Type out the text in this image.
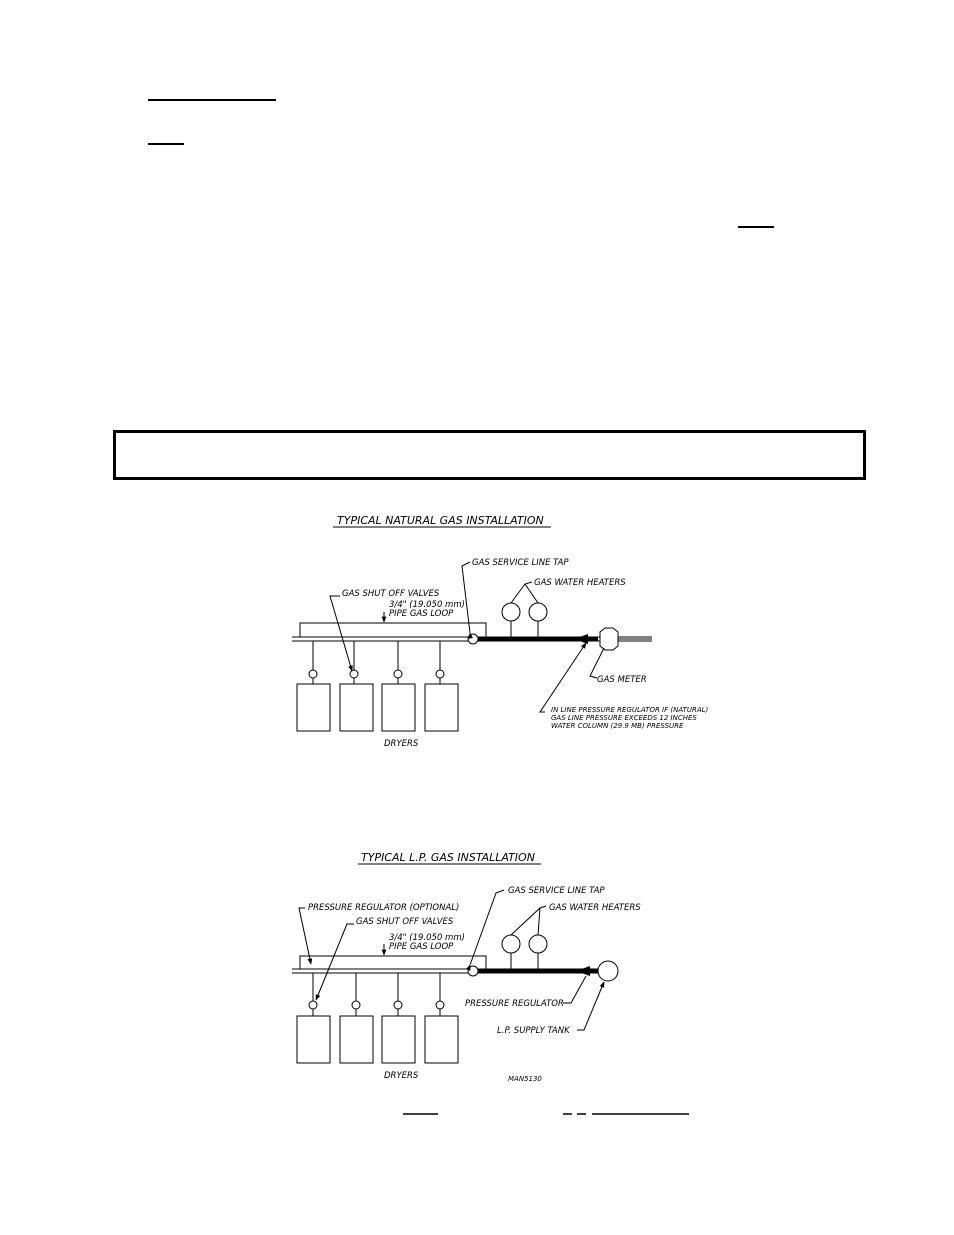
TYPICAL NATURAL GAS INSTALLATION
DRYERS
GAS SERVICE LINE TAP
GAS WATER HEATERS
GAS SHUT OFF VALVES
3/4" (19.050 mm)
PIPE GAS LOOP
GAS METER
IN LINE PRESSURE REGULATOR IF (NATURAL)
GAS LINE PRESSURE EXCEEDS 12 INCHES
WATER COLUMN (29.9 MB) PRESSURE
TYPICAL L.P. GAS INSTALLATION
DRYERS	MAN5130
GAS SERVICE LINE TAP
GAS WATER HEATERS
PRESSURE REGULATOR (OPTIONAL)
GAS SHUT OFF VALVES
3/4" (19.050 mm)
PIPE GAS LOOP
PRESSURE REGULATOR
L.P. SUPPLY TANK
